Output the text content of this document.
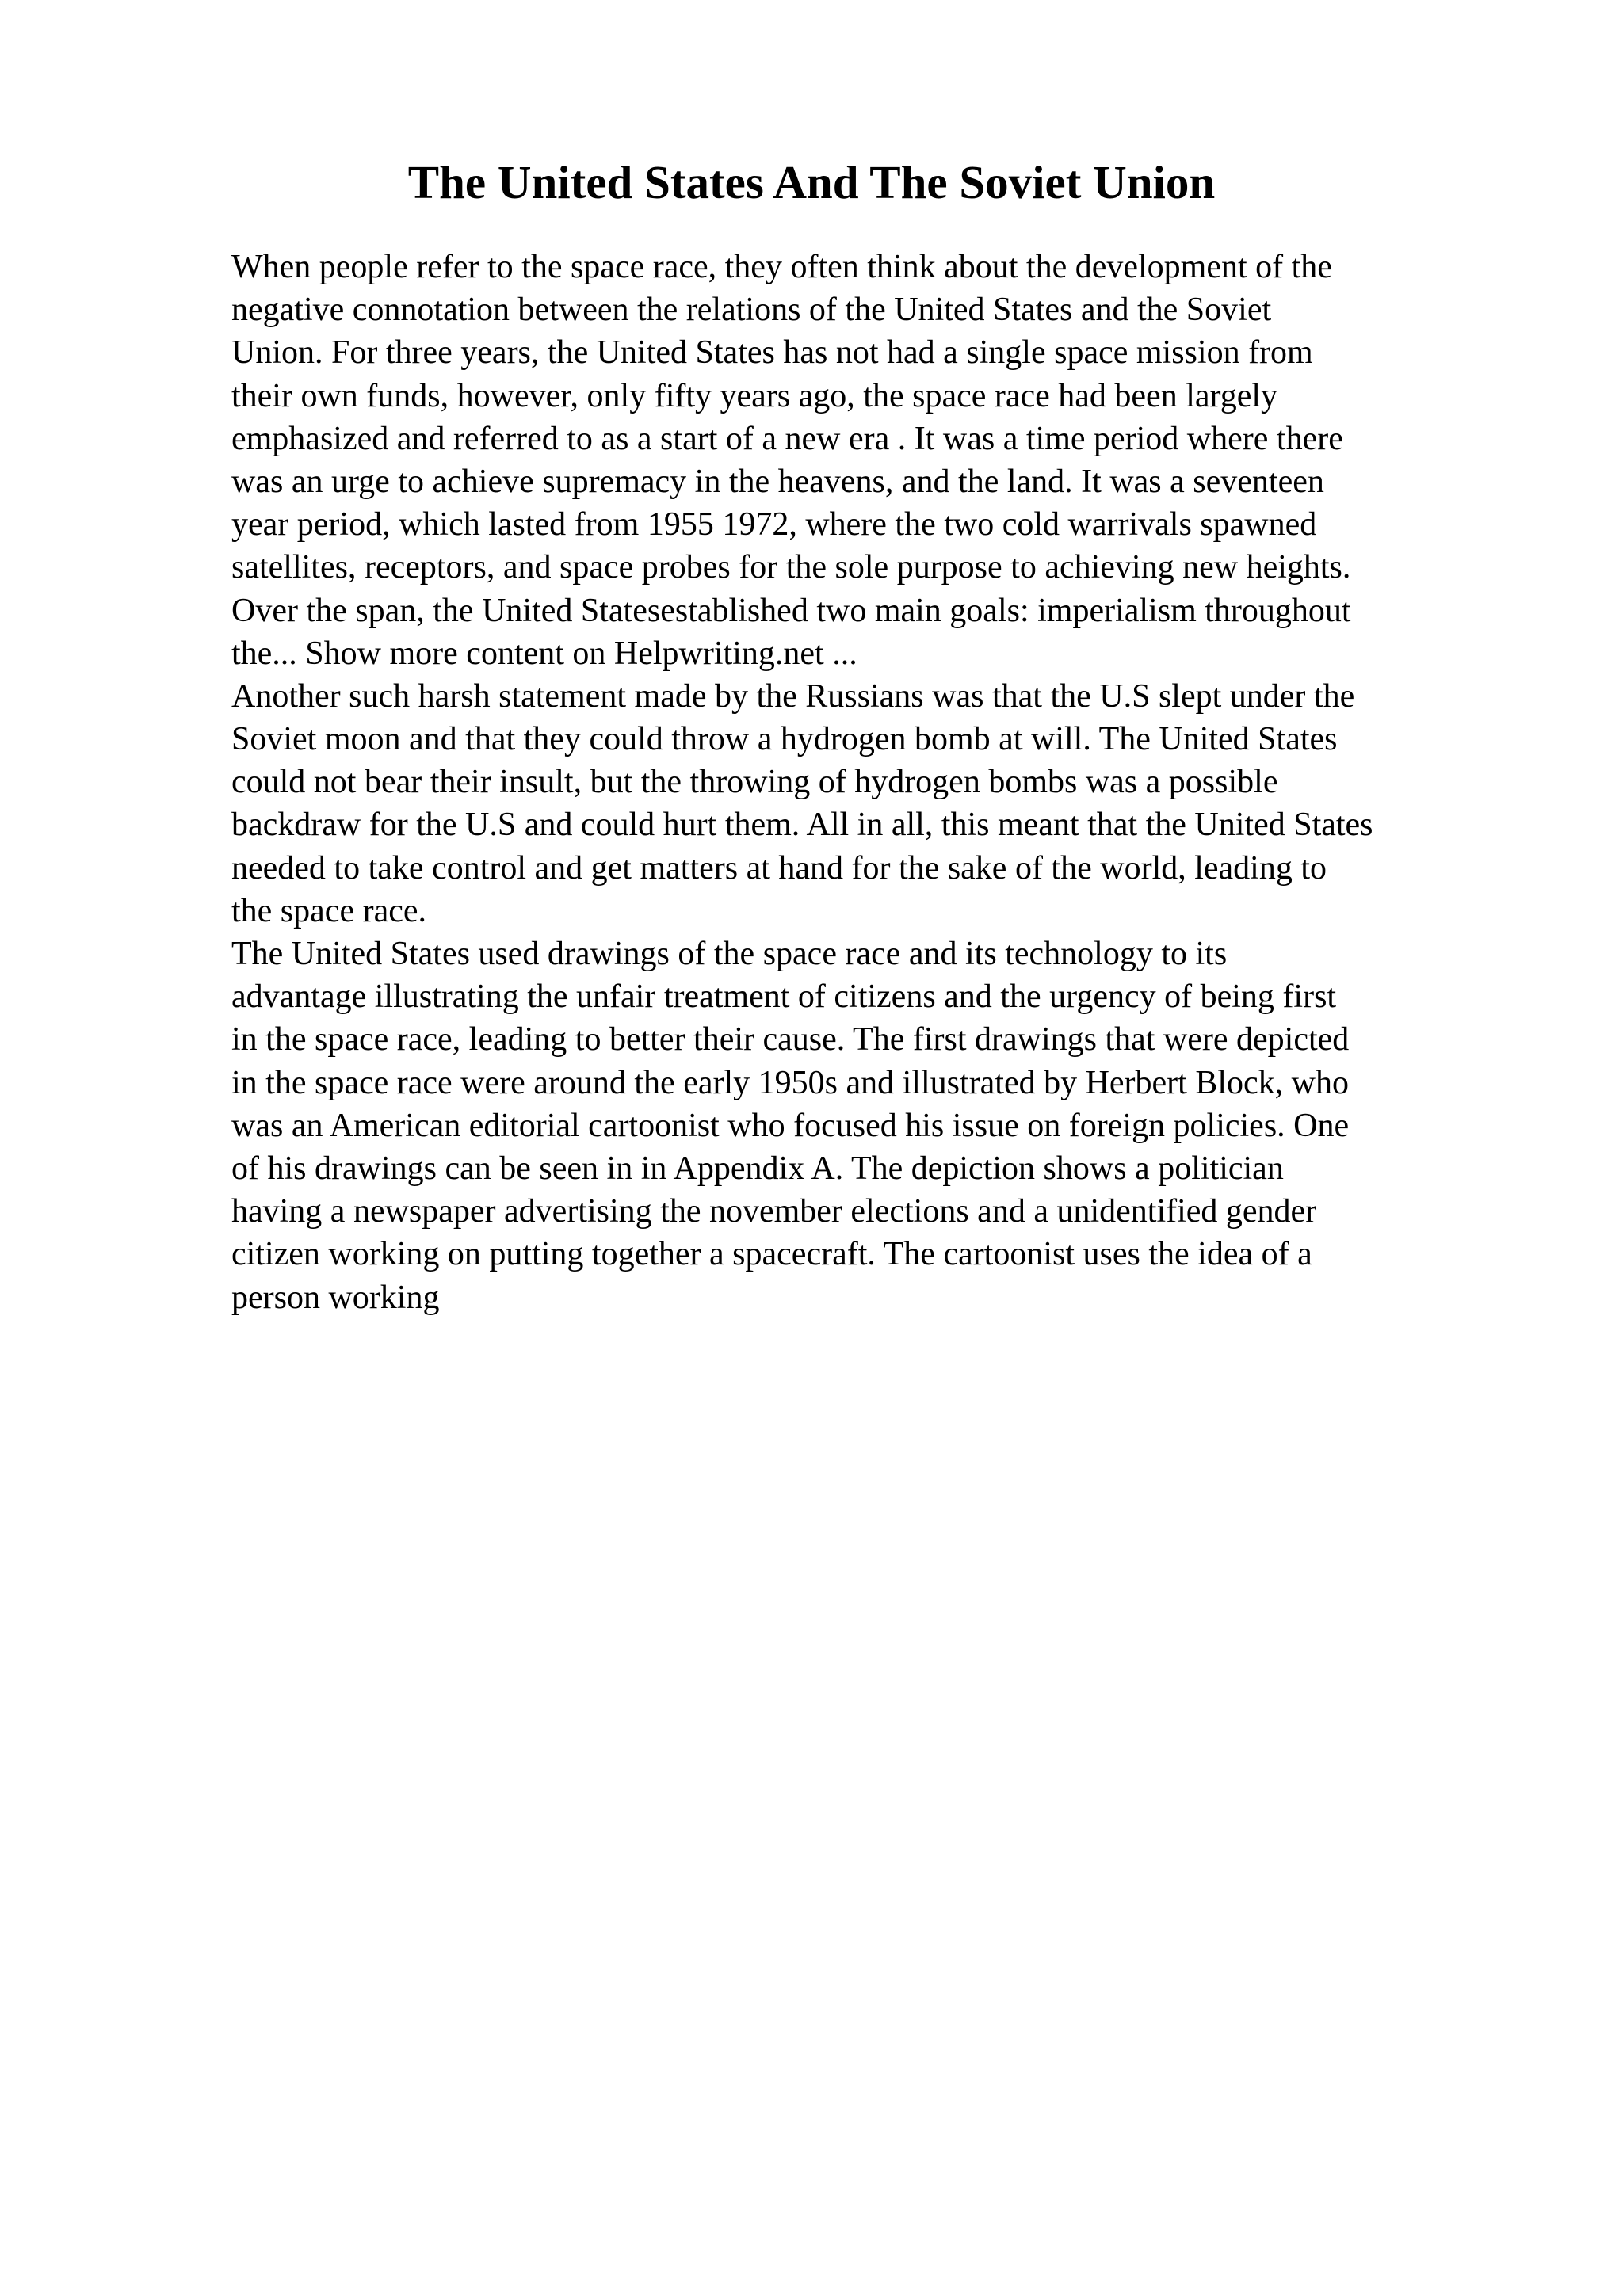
The United States And The Soviet Union
When people refer to the space race, they often think about the development of the
negative connotation between the relations of the United States and the Soviet
Union. For three years, the United States has not had a single space mission from
their own funds, however, only fifty years ago, the space race had been largely
emphasized and referred to as a start of a new era . It was a time period where there
was an urge to achieve supremacy in the heavens, and the land. It was a seventeen
year period, which lasted from 1955 1972, where the two cold warrivals spawned
satellites, receptors, and space probes for the sole purpose to achieving new heights.
Over the span, the United Statesestablished two main goals: imperialism throughout
the... Show more content on Helpwriting.net ...
Another such harsh statement made by the Russians was that the U.S slept under the
Soviet moon and that they could throw a hydrogen bomb at will. The United States
could not bear their insult, but the throwing of hydrogen bombs was a possible
backdraw for the U.S and could hurt them. All in all, this meant that the United States
needed to take control and get matters at hand for the sake of the world, leading to
the space race.
The United States used drawings of the space race and its technology to its
advantage illustrating the unfair treatment of citizens and the urgency of being first
in the space race, leading to better their cause. The first drawings that were depicted
in the space race were around the early 1950s and illustrated by Herbert Block, who
was an American editorial cartoonist who focused his issue on foreign policies. One
of his drawings can be seen in in Appendix A. The depiction shows a politician
having a newspaper advertising the november elections and a unidentified gender
citizen working on putting together a spacecraft. The cartoonist uses the idea of a
person working
